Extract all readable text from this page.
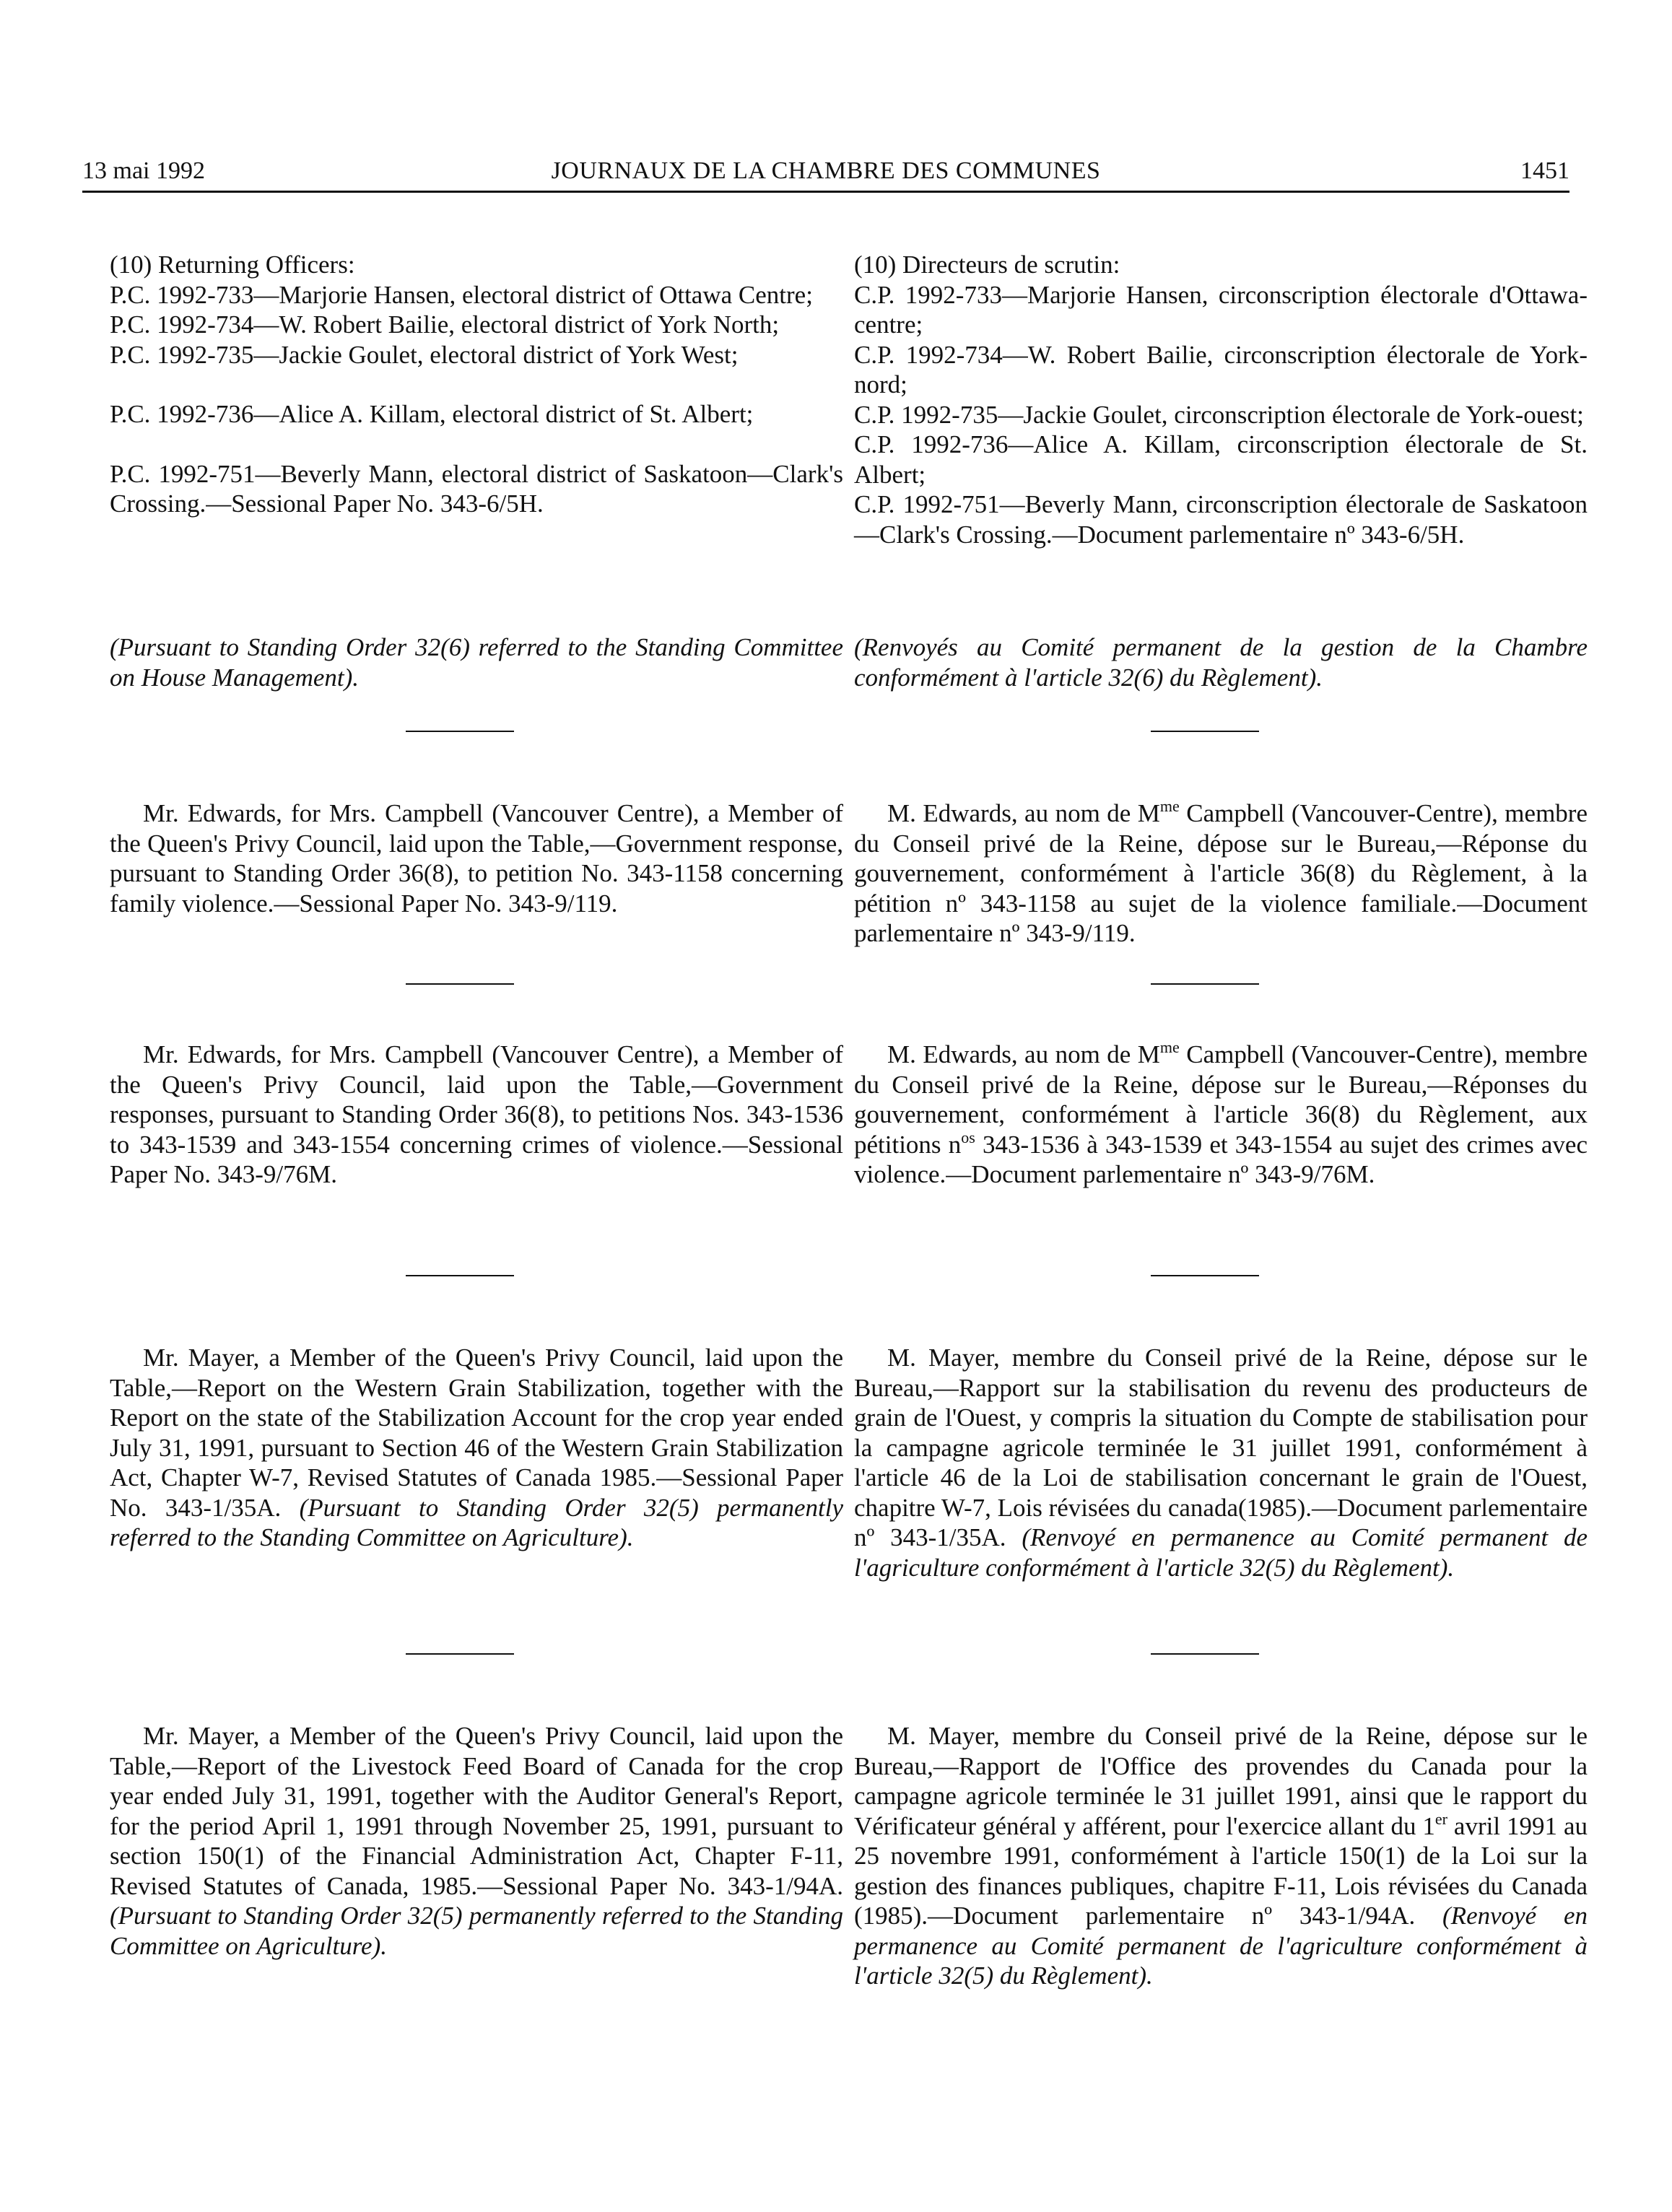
13 mai 1992	JOURNAUX DE LA CHAMBRE DES COMMUNES	1451

(10) Returning Officers:

P.C. 1992-733—Marjorie Hansen, electoral district of Ottawa Centre;

P.C. 1992-734—W. Robert Bailie, electoral district of York North;

P.C. 1992-735—Jackie Goulet, electoral district of York West;

P.C. 1992-736—Alice A. Killam, electoral district of St. Albert;

P.C. 1992-751—Beverly Mann, electoral district of Saskatoon—Clark's Crossing.—Sessional Paper No. 343-6/5H.

(Pursuant to Standing Order 32(6) referred to the Standing Committee on House Management).

Mr. Edwards, for Mrs. Campbell (Vancouver Centre), a Member of the Queen's Privy Council, laid upon the Table,—Government response, pursuant to Standing Order 36(8), to petition No. 343-1158 concerning family violence.—Sessional Paper No. 343-9/119.

Mr. Edwards, for Mrs. Campbell (Vancouver Centre), a Member of the Queen's Privy Council, laid upon the Table,—Government responses, pursuant to Standing Order 36(8), to petitions Nos. 343-1536 to 343-1539 and 343-1554 concerning crimes of violence.—Sessional Paper No. 343-9/76M.

Mr. Mayer, a Member of the Queen's Privy Council, laid upon the Table,—Report on the Western Grain Stabilization, together with the Report on the state of the Stabilization Account for the crop year ended July 31, 1991, pursuant to Section 46 of the Western Grain Stabilization Act, Chapter W-7, Revised Statutes of Canada 1985.—Sessional Paper No. 343-1/35A. (Pursuant to Standing Order 32(5) permanently referred to the Standing Committee on Agriculture).

Mr. Mayer, a Member of the Queen's Privy Council, laid upon the Table,—Report of the Livestock Feed Board of Canada for the crop year ended July 31, 1991, together with the Auditor General's Report, for the period April 1, 1991 through November 25, 1991, pursuant to section 150(1) of the Financial Administration Act, Chapter F-11, Revised Statutes of Canada, 1985.—Sessional Paper No. 343-1/94A. (Pursuant to Standing Order 32(5) permanently referred to the Standing Committee on Agriculture).

(10) Directeurs de scrutin:

C.P. 1992-733—Marjorie Hansen, circonscription électorale d'Ottawa-centre;

C.P. 1992-734—W. Robert Bailie, circonscription électorale de York-nord;

C.P. 1992-735—Jackie Goulet, circonscription électorale de York-ouest;

C.P. 1992-736—Alice A. Killam, circonscription électorale de St. Albert;

C.P. 1992-751—Beverly Mann, circonscription électorale de Saskatoon—Clark's Crossing.—Document parlementaire nº 343-6/5H.

(Renvoyés au Comité permanent de la gestion de la Chambre conformément à l'article 32(6) du Règlement).

M. Edwards, au nom de $M^{me}$ Campbell (Vancouver-Centre), membre du Conseil privé de la Reine, dépose sur le Bureau,—Réponse du gouvernement, conformément à l'article 36(8) du Règlement, à la pétition nº 343-1158 au sujet de la violence familiale.—Document parlementaire nº 343-9/119.

M. Edwards, au nom de $M^{me}$ Campbell (Vancouver-Centre), membre du Conseil privé de la Reine, dépose sur le Bureau,—Réponses du gouvernement, conformément à l'article 36(8) du Règlement, aux pétitions $n^{os}$ 343-1536 à 343-1539 et 343-1554 au sujet des crimes avec violence.—Document parlementaire nº 343-9/76M.

M. Mayer, membre du Conseil privé de la Reine, dépose sur le Bureau,—Rapport sur la stabilisation du revenu des producteurs de grain de l'Ouest, y compris la situation du Compte de stabilisation pour la campagne agricole terminée le 31 juillet 1991, conformément à l'article 46 de la Loi de stabilisation concernant le grain de l'Ouest, chapitre W-7, Lois révisées du canada(1985).—Document parlementaire nº 343-1/35A. (Renvoyé en permanence au Comité permanent de l'agriculture conformément à l'article 32(5) du Règlement).

M. Mayer, membre du Conseil privé de la Reine, dépose sur le Bureau,—Rapport de l'Office des provendes du Canada pour la campagne agricole terminée le 31 juillet 1991, ainsi que le rapport du Vérificateur général y afférent, pour l'exercice allant du 1er avril 1991 au 25 novembre 1991, conformément à l'article 150(1) de la Loi sur la gestion des finances publiques, chapitre F-11, Lois révisées du Canada (1985).—Document parlementaire nº 343-1/94A. (Renvoyé en permanence au Comité permanent de l'agriculture conformément à l'article 32(5) du Règlement).
